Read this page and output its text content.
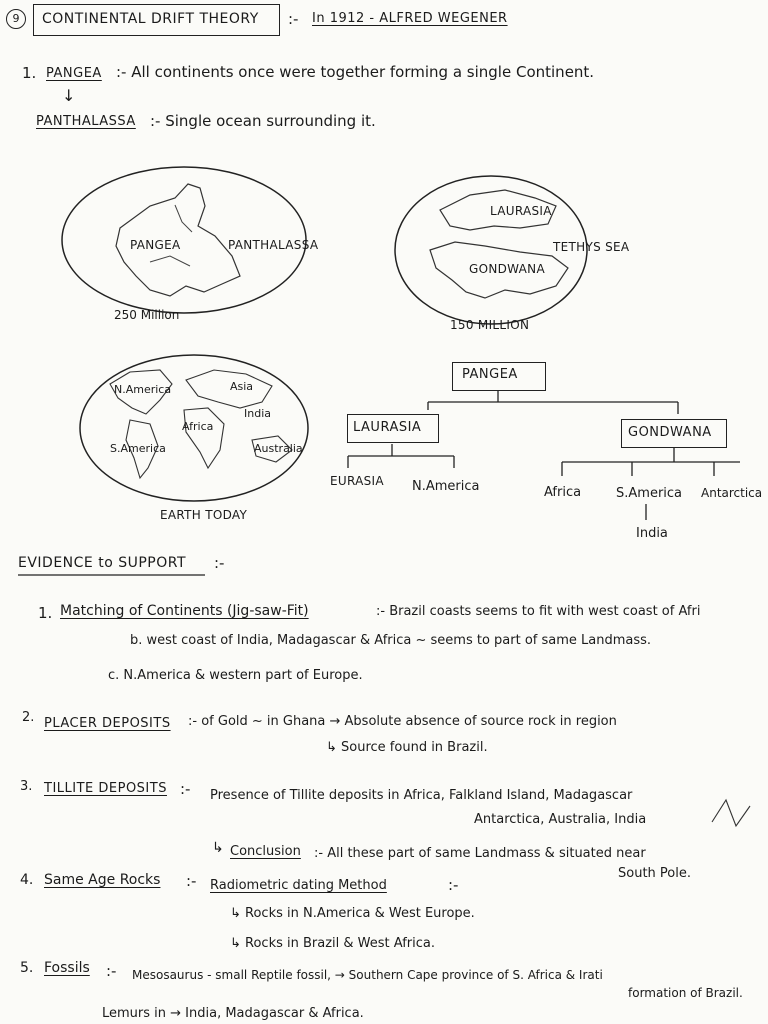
9	CONTINENTAL DRIFT THEORY :- In 1912 - ALFRED WEGENER
1. PANGEA :- All continents once were together forming a single Continent.
↓
PANTHALASSA :- Single ocean surrounding it.
PANGEA	PANTHALASSA
250 Million
LAURASIA
TETHYS SEA
GONDWANA
150 MILLION
N.America	Asia
India
Africa
S.America	Australia
EARTH TODAY
PANGEA
LAURASIA	GONDWANA
EURASIA N.America	Africa	S.America Antarctica
India
EVIDENCE to SUPPORT :-
1. Matching of Continents (Jig-saw-Fit)	:- Brazil coasts seems to fit with west coast of Afri
b. west coast of India, Madagascar & Africa ~ seems to part of same Landmass.
c. N.America & western part of Europe.
2. PLACER DEPOSITS :- of Gold ~ in Ghana → Absolute absence of source rock in region
↳ Source found in Brazil.
3. TILLITE DEPOSITS :- Presence of Tillite deposits in Africa, Falkland Island, Madagascar
Antarctica, Australia, India
Conclusion
↳	:- All these part of same Landmass & situated near
South Pole.
4. Same Age Rocks :- Radiometric dating Method	:-
↳ Rocks in N.America & West Europe.
↳ Rocks in Brazil & West Africa.
5. Fossils :- Mesosaurus - small Reptile fossil, → Southern Cape province of S. Africa & Irati
formation of Brazil.
Lemurs in → India, Madagascar & Africa.
